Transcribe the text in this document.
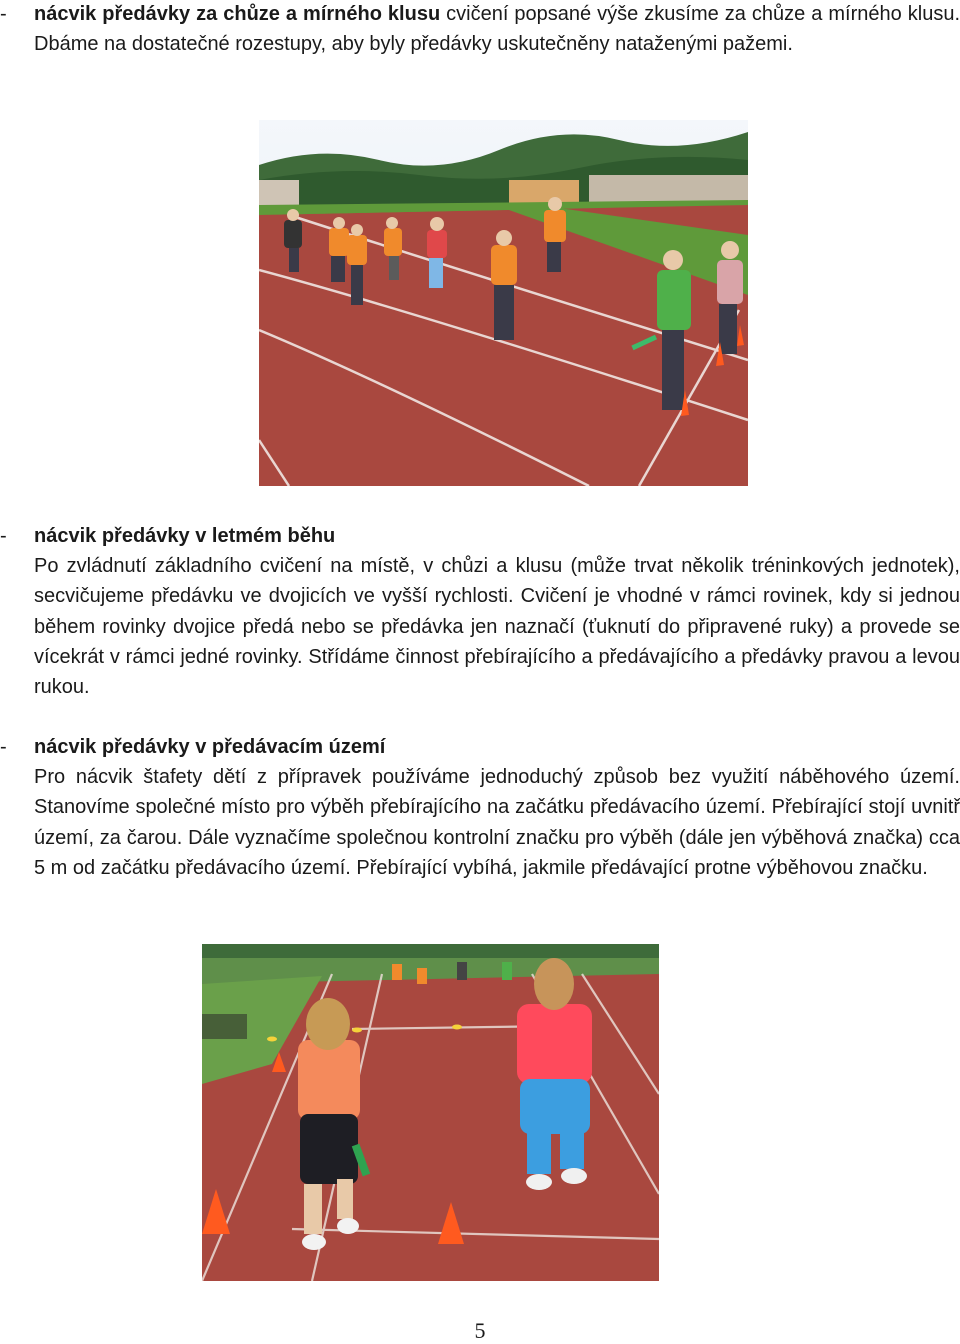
- nácvik předávky za chůze a mírného klusu cvičení popsané výše zkusíme za chůze a mírného klusu. Dbáme na dostatečné rozestupy, aby byly předávky uskutečněny nataženými pažemi.
- nácvik předávky v letmém běhu
Po zvládnutí základního cvičení na místě, v chůzi a klusu (může trvat několik tréninkových jednotek), secvičujeme předávku ve dvojicích ve vyšší rychlosti. Cvičení je vhodné v rámci rovinek, kdy si jednou během rovinky dvojice předá nebo se předávka jen naznačí (ťuknutí do připravené ruky) a provede se vícekrát v rámci jedné rovinky. Střídáme činnost přebírajícího a předávajícího a předávky pravou a levou rukou.
- nácvik předávky v předávacím území
Pro nácvik štafety dětí z přípravek používáme jednoduchý způsob bez využití náběhového území. Stanovíme společné místo pro výběh přebírajícího na začátku předávacího území. Přebírající stojí uvnitř území, za čarou. Dále vyznačíme společnou kontrolní značku pro výběh (dále jen výběhová značka) cca 5 m od začátku předávacího území. Přebírající vybíhá, jakmile předávající protne výběhovou značku.
5
